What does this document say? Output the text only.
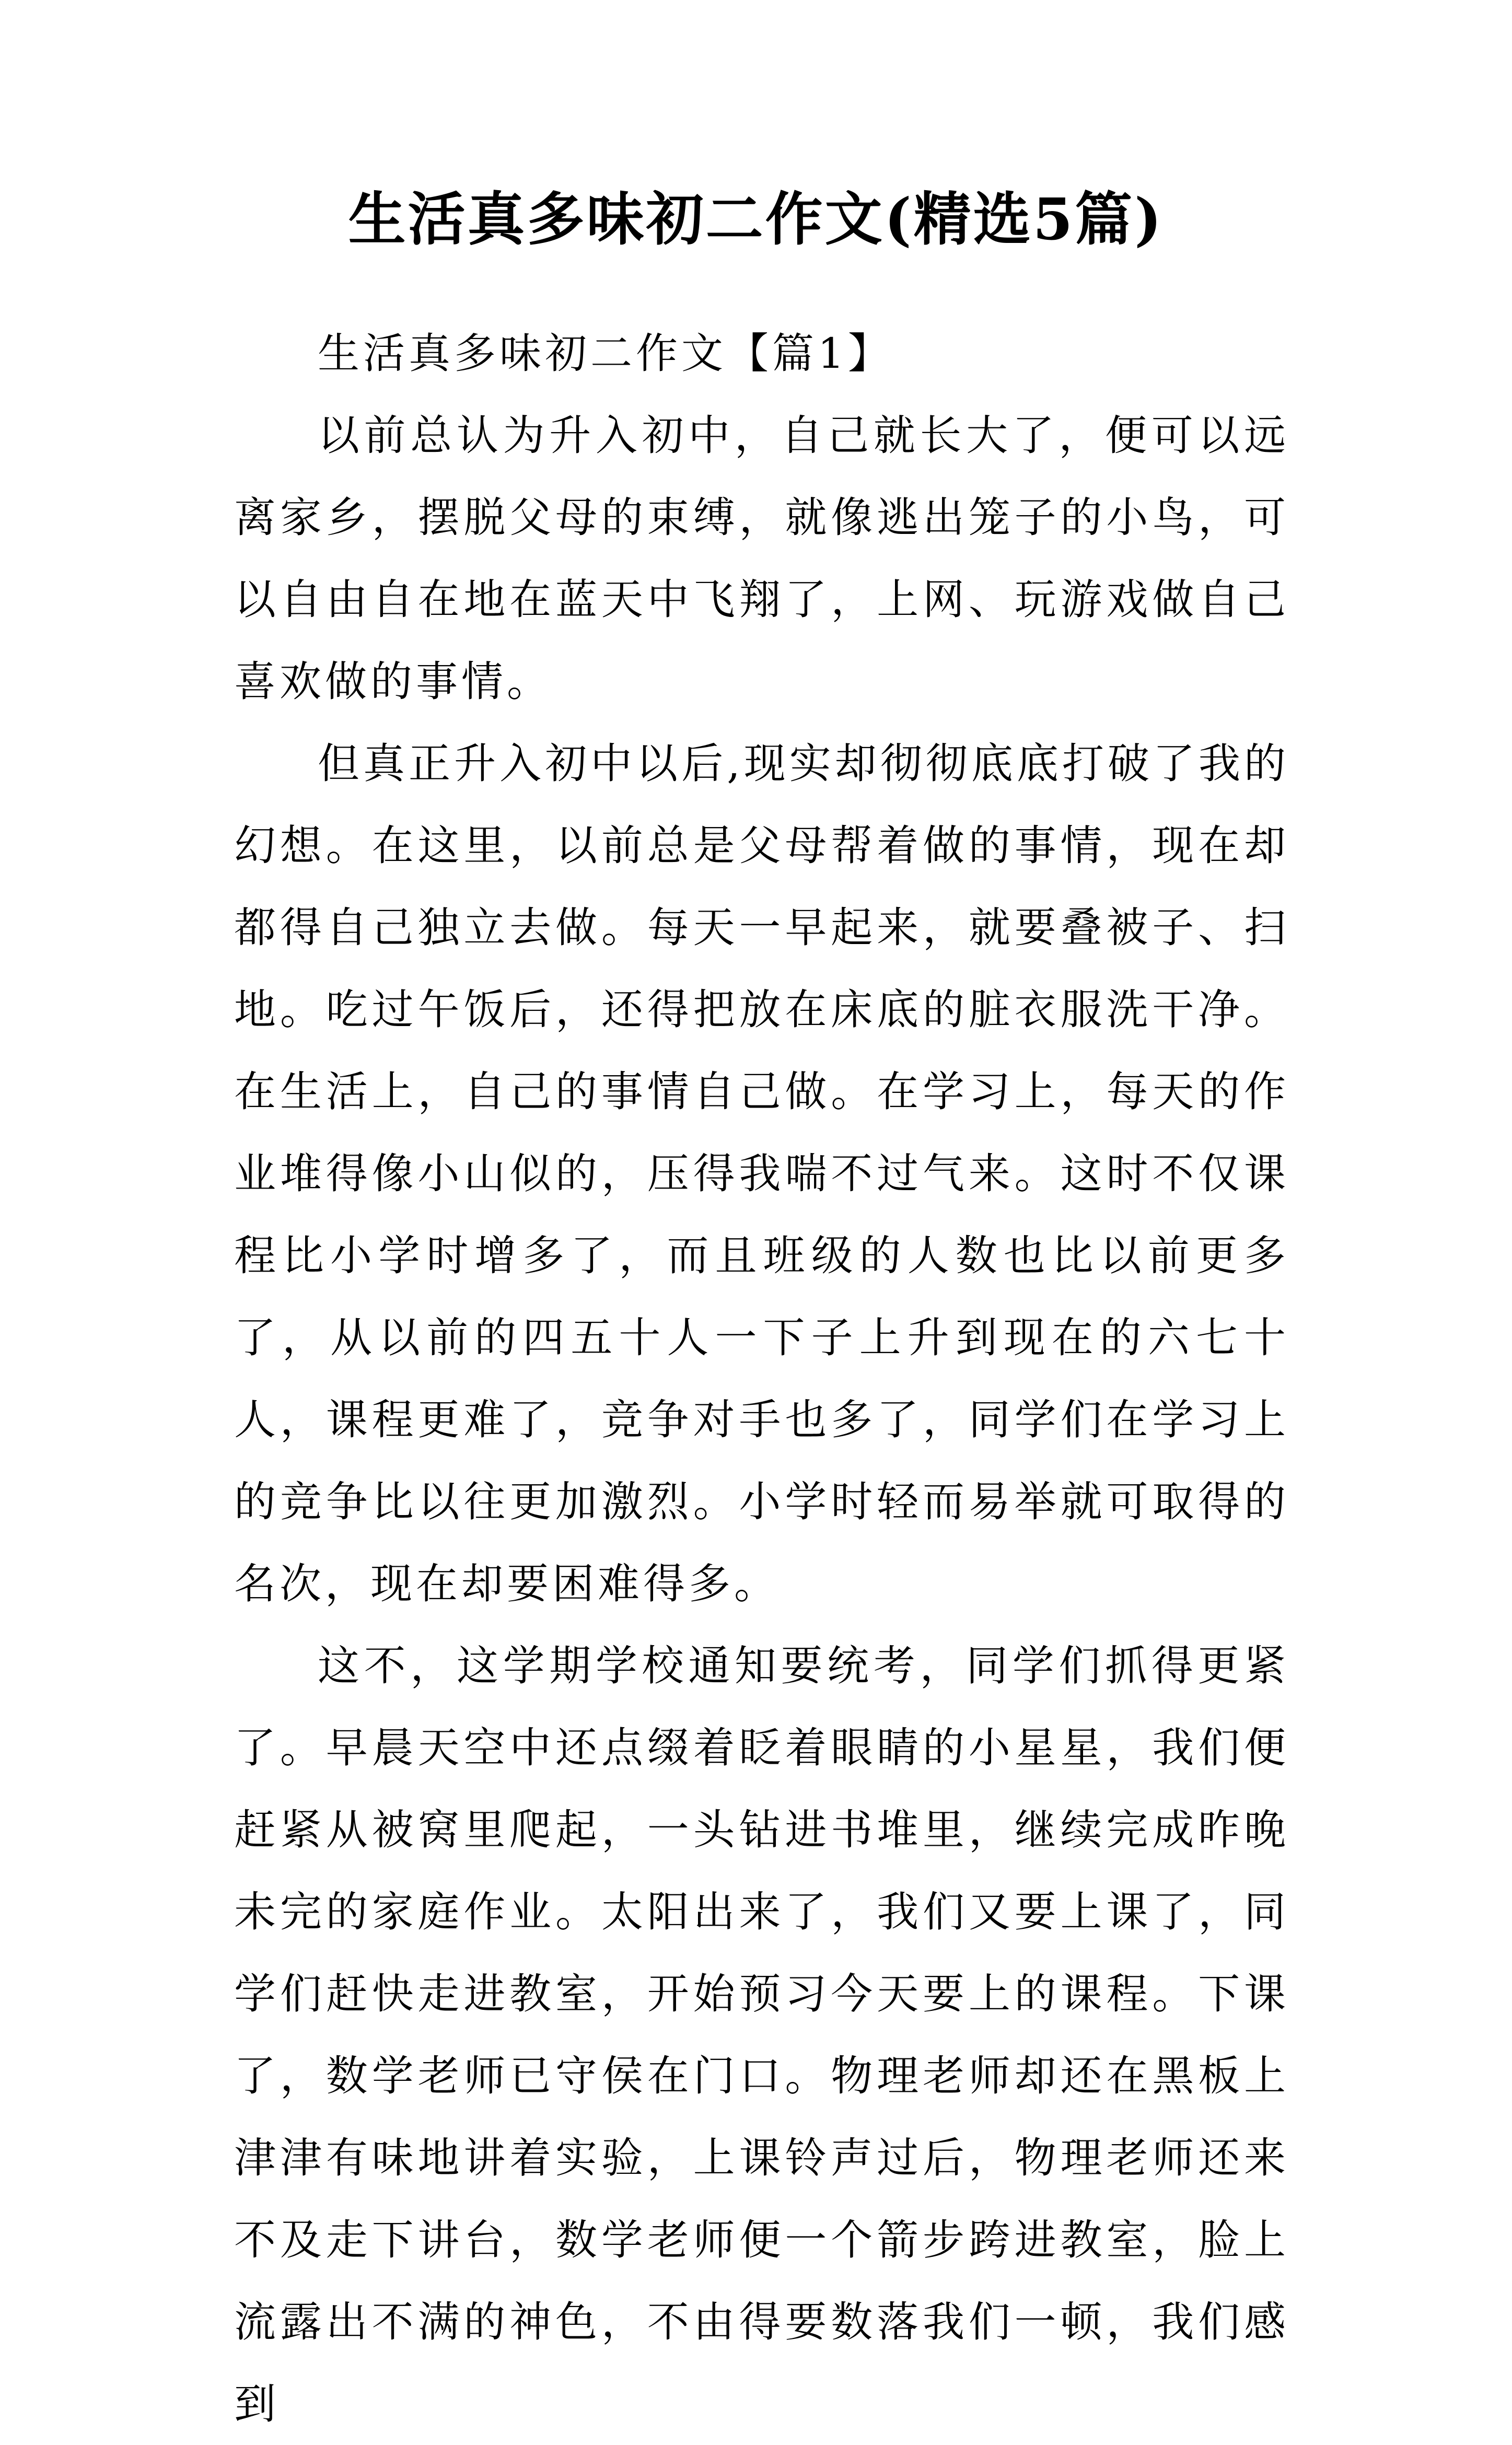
生活真多味初二作文(精选5篇)

生活真多味初二作文【篇1】

以前总认为升入初中，自己就长大了，便可以远离家乡，摆脱父母的束缚，就像逃出笼子的小鸟，可以自由自在地在蓝天中飞翔了，上网、玩游戏做自己喜欢做的事情。

但真正升入初中以后,现实却彻彻底底打破了我的幻想。在这里，以前总是父母帮着做的事情，现在却都得自己独立去做。每天一早起来，就要叠被子、扫地。吃过午饭后，还得把放在床底的脏衣服洗干净。在生活上，自己的事情自己做。在学习上，每天的作业堆得像小山似的，压得我喘不过气来。这时不仅课程比小学时增多了，而且班级的人数也比以前更多了，从以前的四五十人一下子上升到现在的六七十人，课程更难了，竞争对手也多了，同学们在学习上的竞争比以往更加激烈。小学时轻而易举就可取得的名次，现在却要困难得多。

这不，这学期学校通知要统考，同学们抓得更紧了。早晨天空中还点缀着眨着眼睛的小星星，我们便赶紧从被窝里爬起，一头钻进书堆里，继续完成昨晚未完的家庭作业。太阳出来了，我们又要上课了，同学们赶快走进教室，开始预习今天要上的课程。下课了，数学老师已守侯在门口。物理老师却还在黑板上津津有味地讲着实验，上课铃声过后，物理老师还来不及走下讲台，数学老师便一个箭步跨进教室，脸上流露出不满的神色，不由得要数落我们一顿，我们感到
